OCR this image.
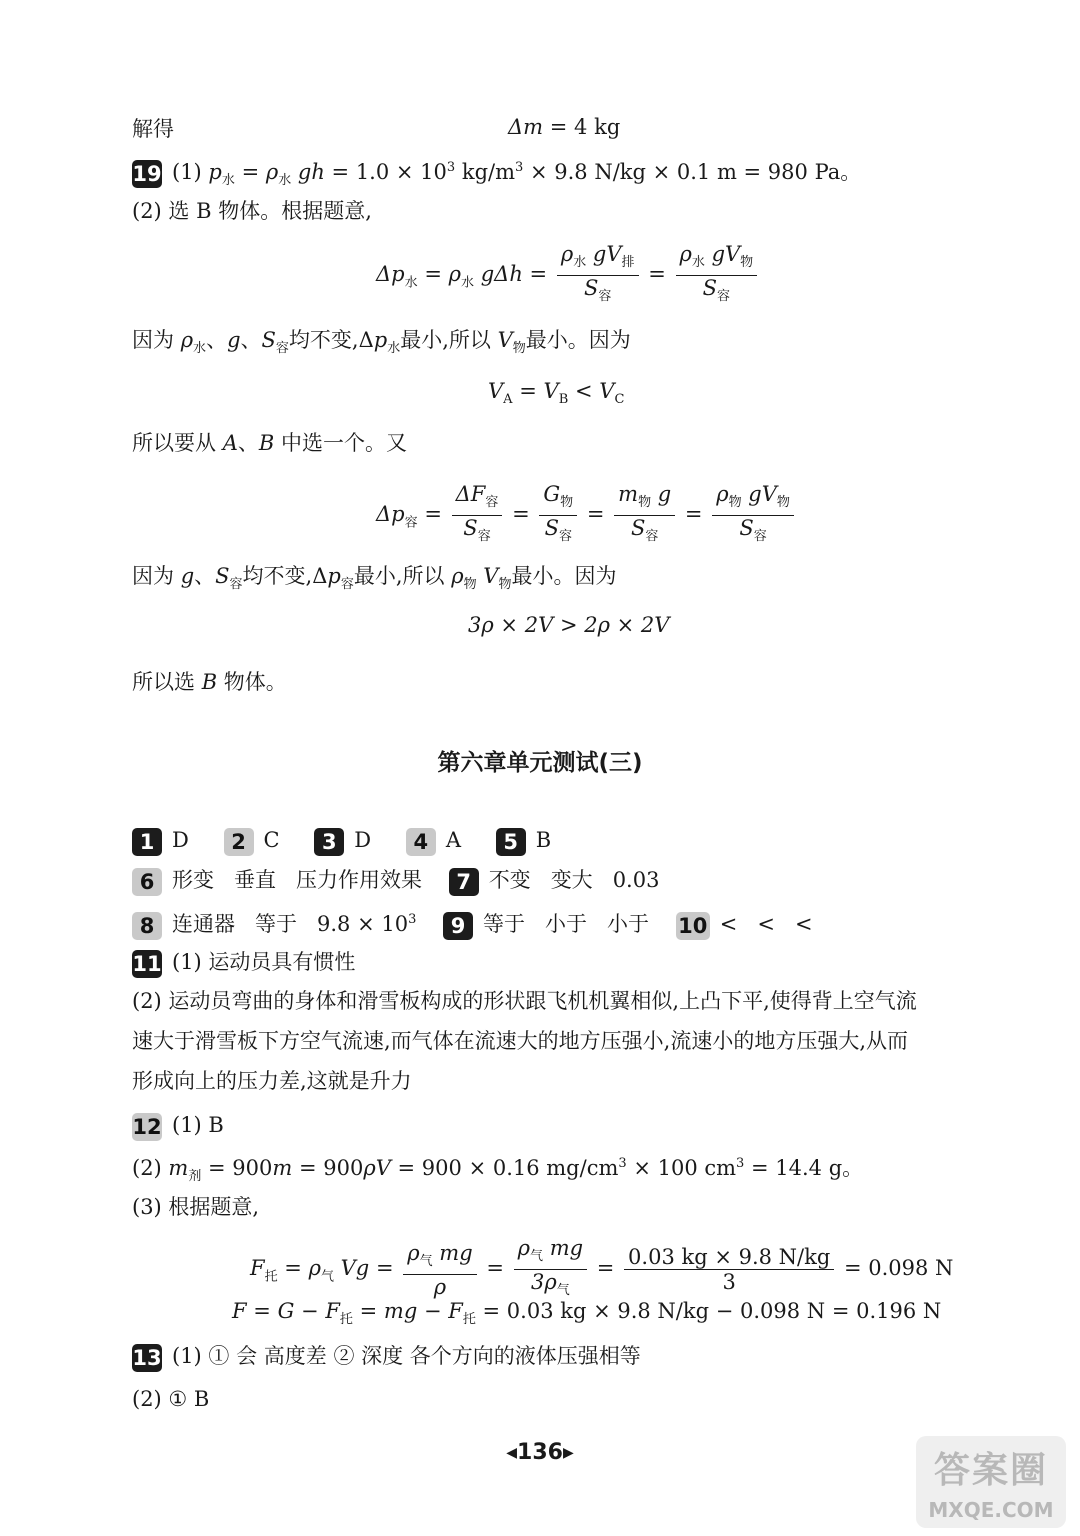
解得	Δm = 4 kg
19 (1) $p_水 = \rho_水$ gh = $1.0 \times 10^3$ $kg/m^3 \times 9.8$ N/kg × 0.1 m = 980 Pa。
(2) 选 B 物体。根据题意,
$\Delta p_水 = \rho_水$ $g\Delta h = \frac{\rho_水 gV_排}{S_容} = \frac{\rho_水 gV_物}{S_容}$
因为 $\rho_水$、g、$S_容$均不变$,\Delta p_水$最小,所以 $V_物$最小。因为
$V_A = V_B < V_C$
所以要从 A、B 中选一个。又
$\Delta p_容 = \frac{\Delta F_容}{S_容} = \frac{G_物}{S_容} = \frac{m_物 g}{S_容} = \frac{\rho_物 gV_物}{S_容}$
因为 g、$S_容$均不变$,\Delta p_容$最小,所以 $\rho_物$ $V_物$最小。因为
3ρ × 2V > 2ρ × 2V
所以选 B 物体。
第六章单元测试(三)
1 D 2 C 3 D 4 A 5 B
6 形变 垂直 压力作用效果 7 不变 变大 0.03
8 连通器 等于 $9.8 \times 10^3$ 9 等于 小于 小于 10 < < <
11 (1) 运动员具有惯性
(2) 运动员弯曲的身体和滑雪板构成的形状跟飞机机翼相似,上凸下平,使得背上空气流
速大于滑雪板下方空气流速,而气体在流速大的地方压强小,流速小的地方压强大,从而
形成向上的压力差,这就是升力
12 (1) B
(2) $m_剂 = 900m = 900\rho V = 900 \times 0.16$ $mg/cm^3 \times 100$ $cm^3 = 14.4$ g。
(3) 根据题意,
$F_托 = \rho_气$ $Vg = \frac{\rho_气 mg}{\rho} = \frac{\rho_气 mg}{3\rho_气} = \frac{0.03 kg \times 9.8 N/kg}{3} = 0.098$ N
$F = G - F_托$ = mg − $F_托 = 0.03$ kg × 9.8 N/kg − 0.098 N = 0.196 N
13 (1) ① 会 高度差 ② 深度 各个方向的液体压强相等
(2) ① B
◀136▶	答案圈
MXQE.COM
